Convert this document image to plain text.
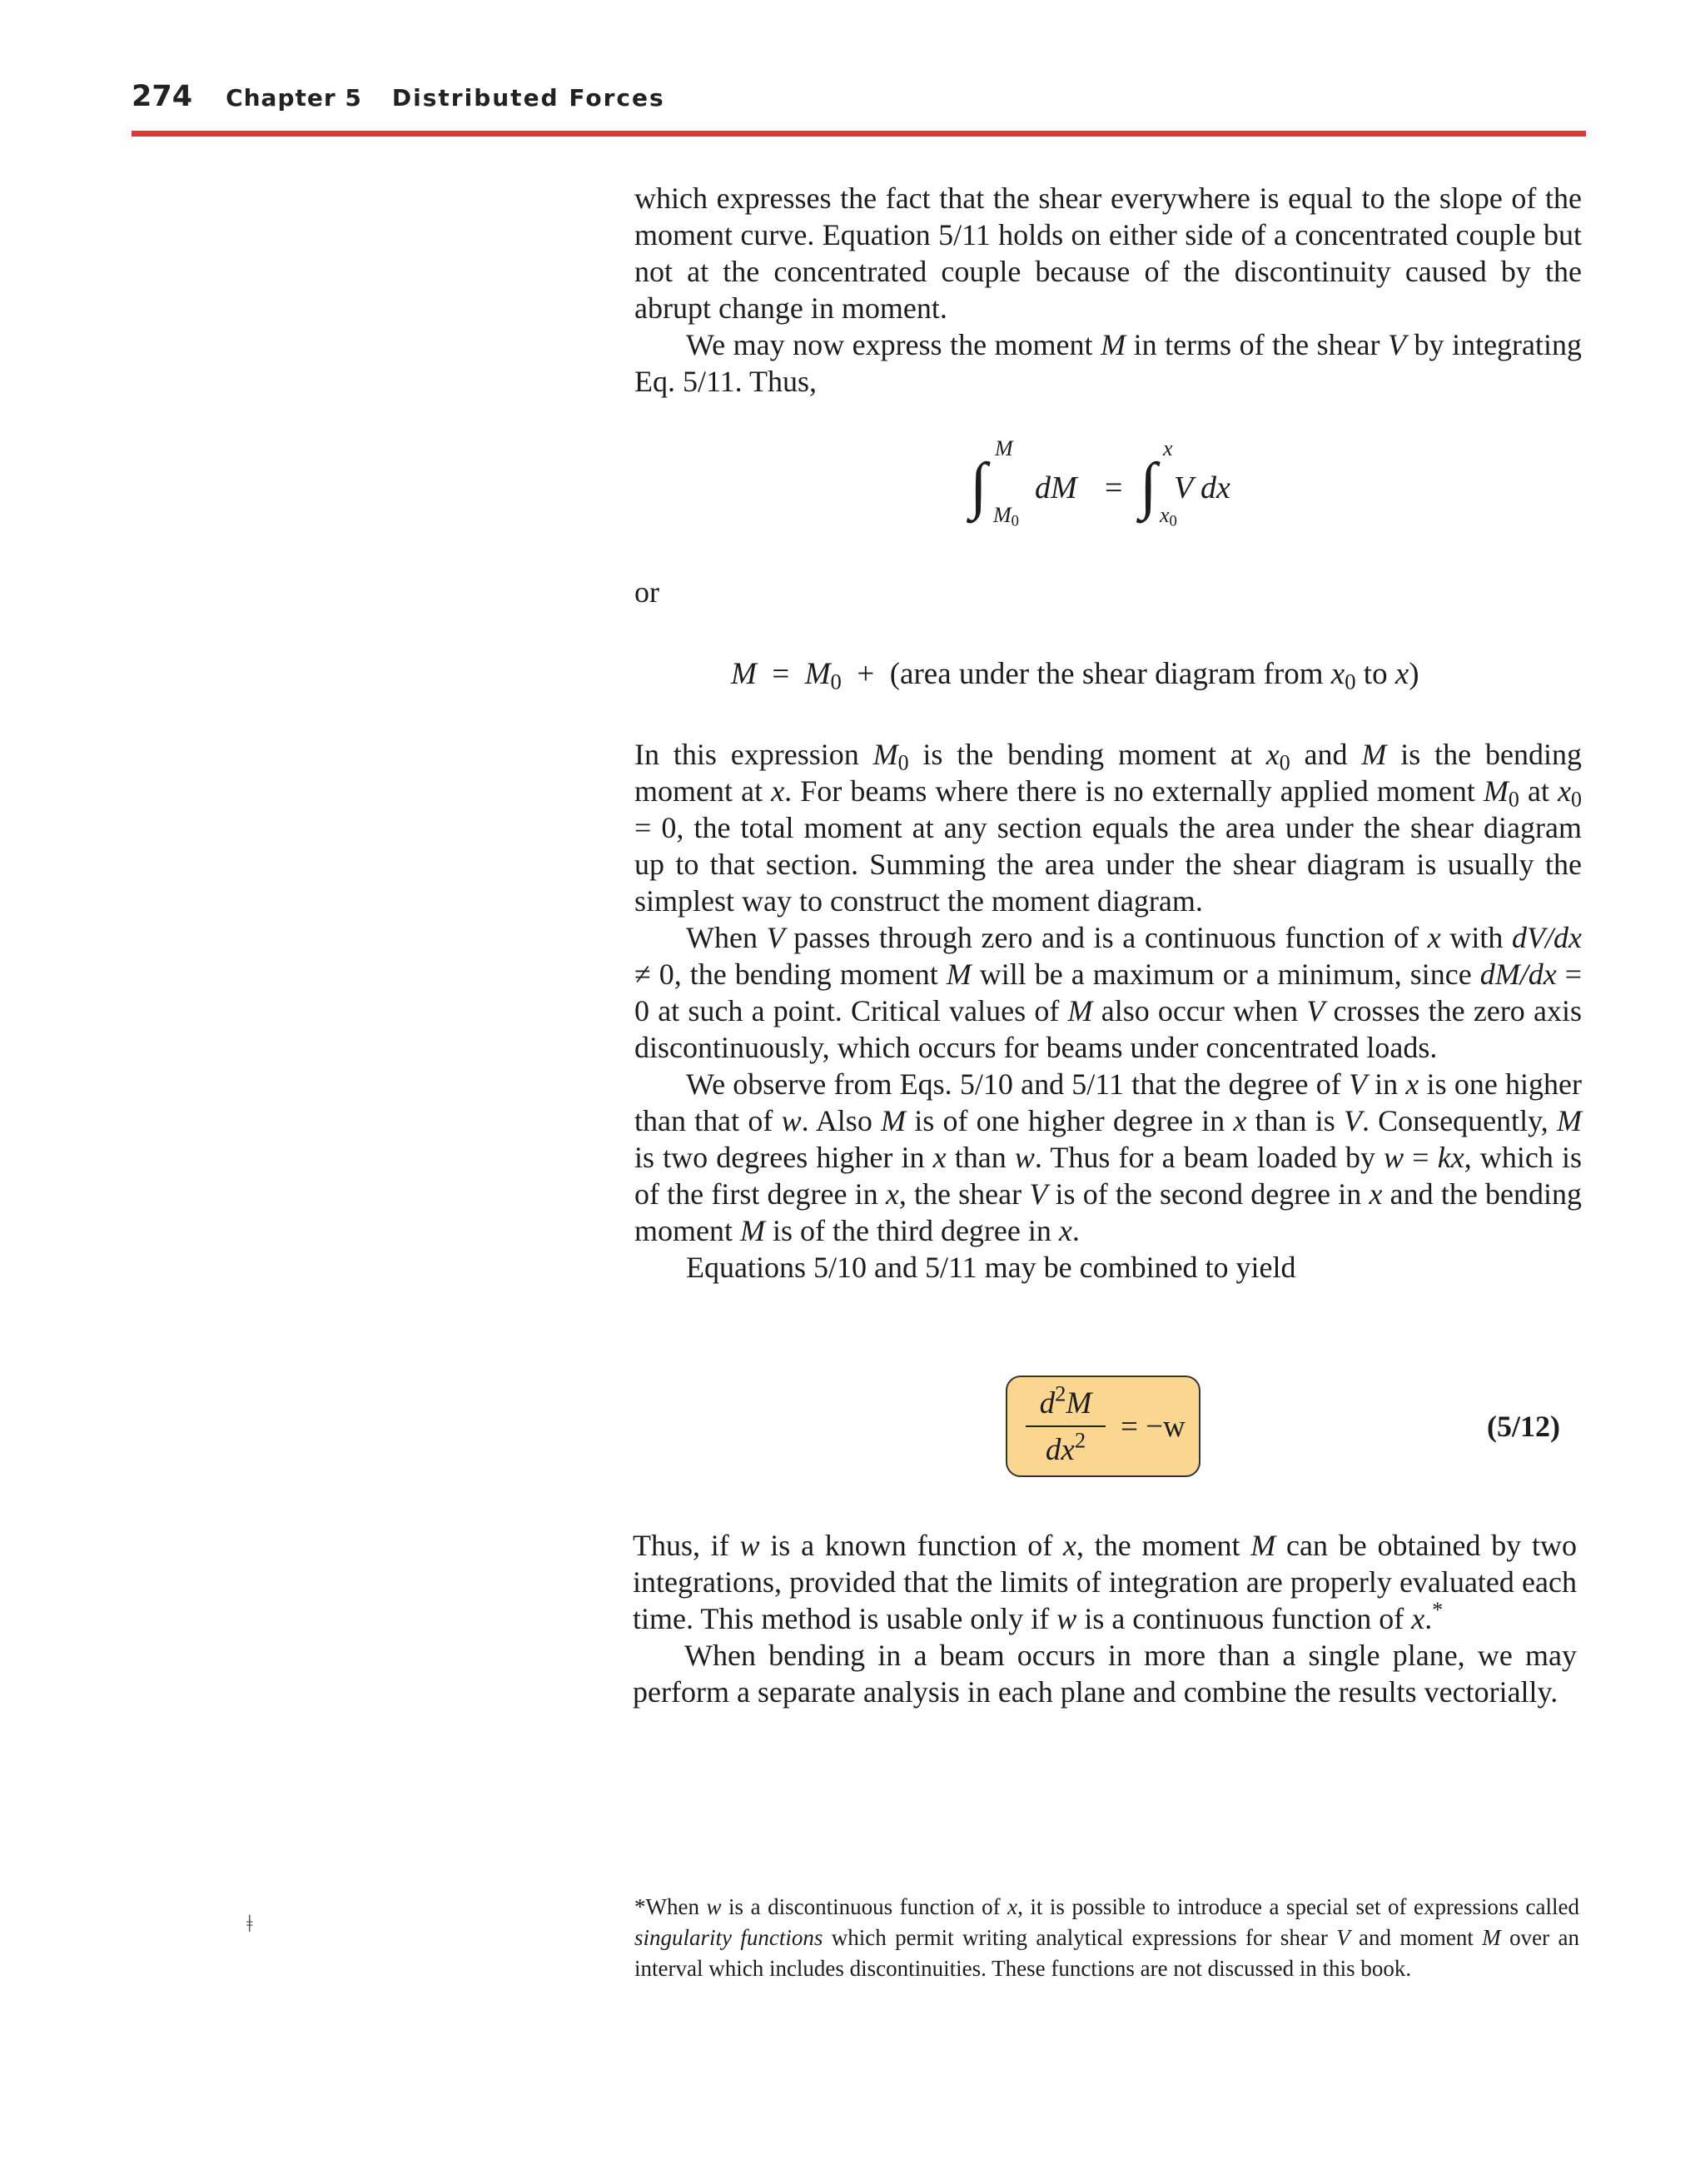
274 Chapter 5 Distributed Forces

which expresses the fact that the shear everywhere is equal to the slope of the moment curve. Equation 5/11 holds on either side of a concentrated couple but not at the concentrated couple because of the discontinuity caused by the abrupt change in moment.

We may now express the moment M in terms of the shear V by integrating Eq. 5/11. Thus,

∫
M
$M_0$
dM = ∫
x
$x_0$
V dx
or
$M = M_0$ + (area under the shear diagram from $x_0$ to x)

In this expression $M_0$ is the bending moment at $x_0$ and M is the bending moment at x. For beams where there is no externally applied moment $M_0$ at $x_0 = 0$, the total moment at any section equals the area under the shear diagram up to that section. Summing the area under the shear diagram is usually the simplest way to construct the moment diagram.

When V passes through zero and is a continuous function of x with dV/dx ≠ 0, the bending moment M will be a maximum or a minimum, since dM/dx = 0 at such a point. Critical values of M also occur when V crosses the zero axis discontinuously, which occurs for beams under concentrated loads.

We observe from Eqs. 5/10 and 5/11 that the degree of V in x is one higher than that of w. Also M is of one higher degree in x than is V. Consequently, M is two degrees higher in x than w. Thus for a beam loaded by w = kx, which is of the first degree in x, the shear V is of the second degree in x and the bending moment M is of the third degree in x.

Equations 5/10 and 5/11 may be combined to yield

$d^2M$
$dx^2$	= −w	(5/12)

Thus, if w is a known function of x, the moment M can be obtained by two integrations, provided that the limits of integration are properly evaluated each time. This method is usable only if w is a continuous function of x.*

When bending in a beam occurs in more than a single plane, we may perform a separate analysis in each plane and combine the results vectorially.

ǂ
*When w is a discontinuous function of x, it is possible to introduce a special set of expressions called singularity functions which permit writing analytical expressions for shear V and moment M over an interval which includes discontinuities. These functions are not discussed in this book.
